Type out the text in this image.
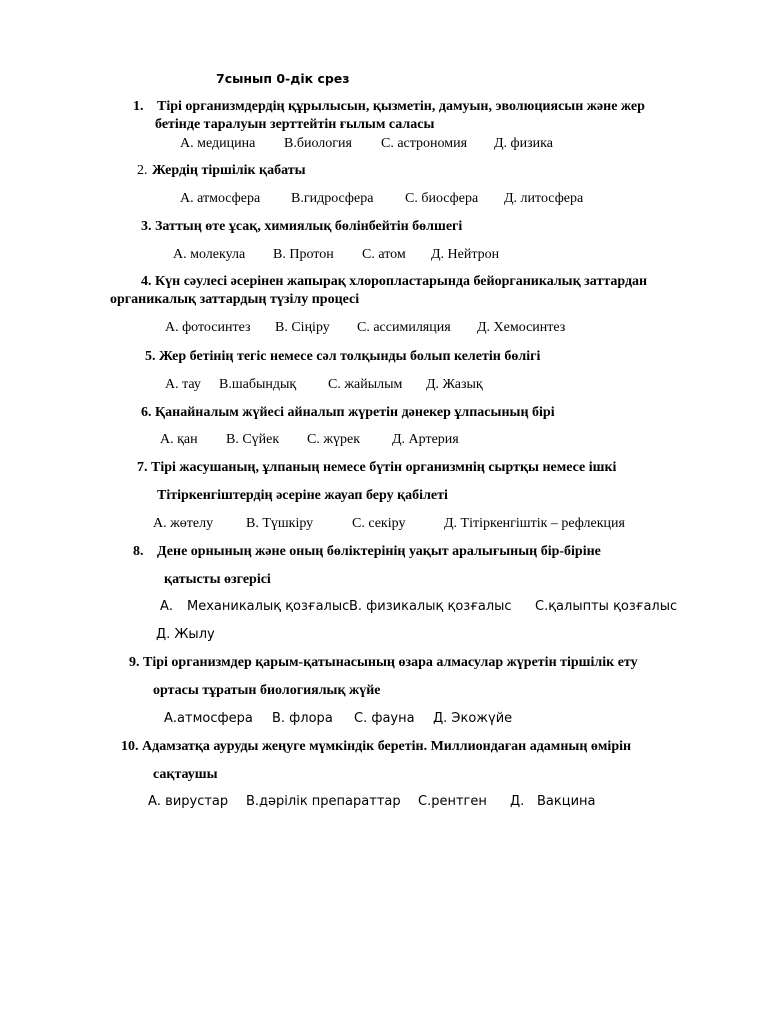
7сынып 0-дік срез
1. Тірі организмдердің құрылысын, қызметін, дамуын, эволюциясын және жер
бетінде таралуын зерттейтін ғылым саласы
А. медицина В.биология С. астрономия Д. физика
2. Жердің тіршілік қабаты
А. атмосфера В.гидросфера С. биосфера Д. литосфера
3. Заттың өте ұсақ, химиялық бөлінбейтін бөлшегі
А. молекула В. Протон С. атом Д. Нейтрон
4. Күн сәулесі әсерінен жапырақ хлоропластарында бейорганикалық заттардан
органикалық заттардың түзілу процесі
А. фотосинтез В. Сіңіру С. ассимиляция Д. Хемосинтез
5. Жер бетінің тегіс немесе сәл толқынды болып келетін бөлігі
А. тау В.шабындық С. жайылым Д. Жазық
6. Қанайналым жүйесі айналып жүретін дәнекер ұлпасының бірі
А. қан В. Сүйек С. жүрек Д. Артерия
7. Тірі жасушаның, ұлпаның немесе бүтін организмнің сыртқы немесе ішкі
Тітіркенгіштердің әсеріне жауап беру қабілеті
А. жөтелу В. Түшкіру	С. секіру	Д. Тітіркенгіштік – рефлекция
8. Дене орнының және оның бөліктерінің уақыт аралығының бір-біріне
қатысты өзгерісі
А. Механикалық қозғалыс В. физикалық қозғалыс С.қалыпты қозғалыс
Д. Жылу
9. Тірі организмдер қарым-қатынасының өзара алмасулар жүретін тіршілік ету
ортасы тұратын биологиялық жүйе
А.атмосфера В. флора С. фауна Д. Экожүйе
10. Адамзатқа ауруды жеңуге мүмкіндік беретін. Миллиондаған адамның өмірін
сақтаушы
А. вирустар В.дәрілік препараттар С.рентген Д. Вакцина
